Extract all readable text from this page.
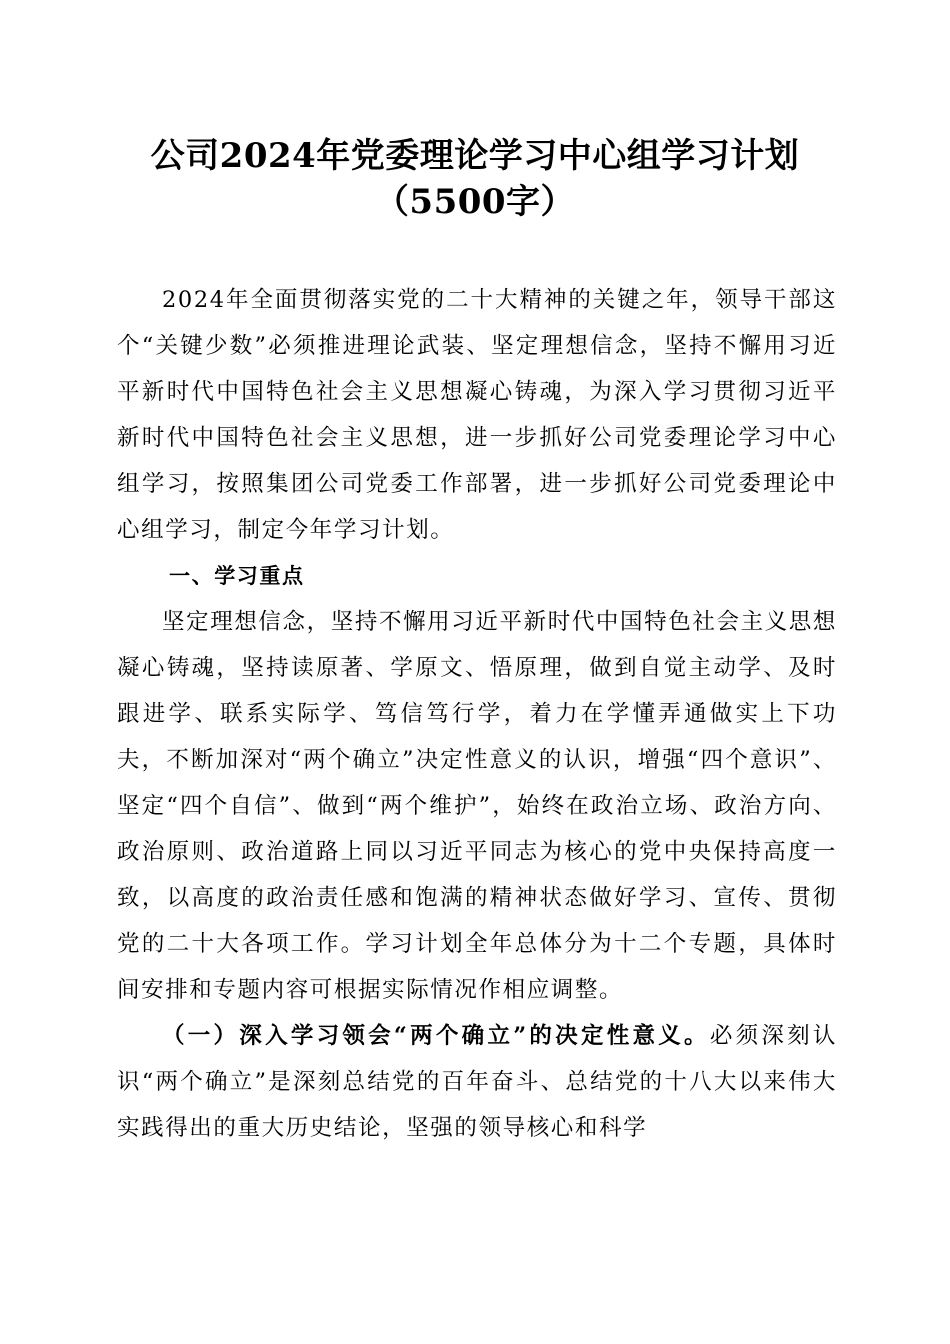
公司2024年党委理论学习中心组学习计划
（5500字）

2024年全面贯彻落实党的二十大精神的关键之年，领导干部这个“关键少数”必须推进理论武装、坚定理想信念，坚持不懈用习近平新时代中国特色社会主义思想凝心铸魂，为深入学习贯彻习近平新时代中国特色社会主义思想，进一步抓好公司党委理论学习中心组学习，按照集团公司党委工作部署，进一步抓好公司党委理论中心组学习，制定今年学习计划。

一、学习重点

坚定理想信念，坚持不懈用习近平新时代中国特色社会主义思想凝心铸魂，坚持读原著、学原文、悟原理，做到自觉主动学、及时跟进学、联系实际学、笃信笃行学，着力在学懂弄通做实上下功夫，不断加深对“两个确立”决定性意义的认识，增强“四个意识”、坚定“四个自信”、做到“两个维护”，始终在政治立场、政治方向、政治原则、政治道路上同以习近平同志为核心的党中央保持高度一致，以高度的政治责任感和饱满的精神状态做好学习、宣传、贯彻党的二十大各项工作。学习计划全年总体分为十二个专题，具体时间安排和专题内容可根据实际情况作相应调整。

（一）深入学习领会“两个确立”的决定性意义。必须深刻认识“两个确立”是深刻总结党的百年奋斗、总结党的十八大以来伟大实践得出的重大历史结论，坚强的领导核心和科学
